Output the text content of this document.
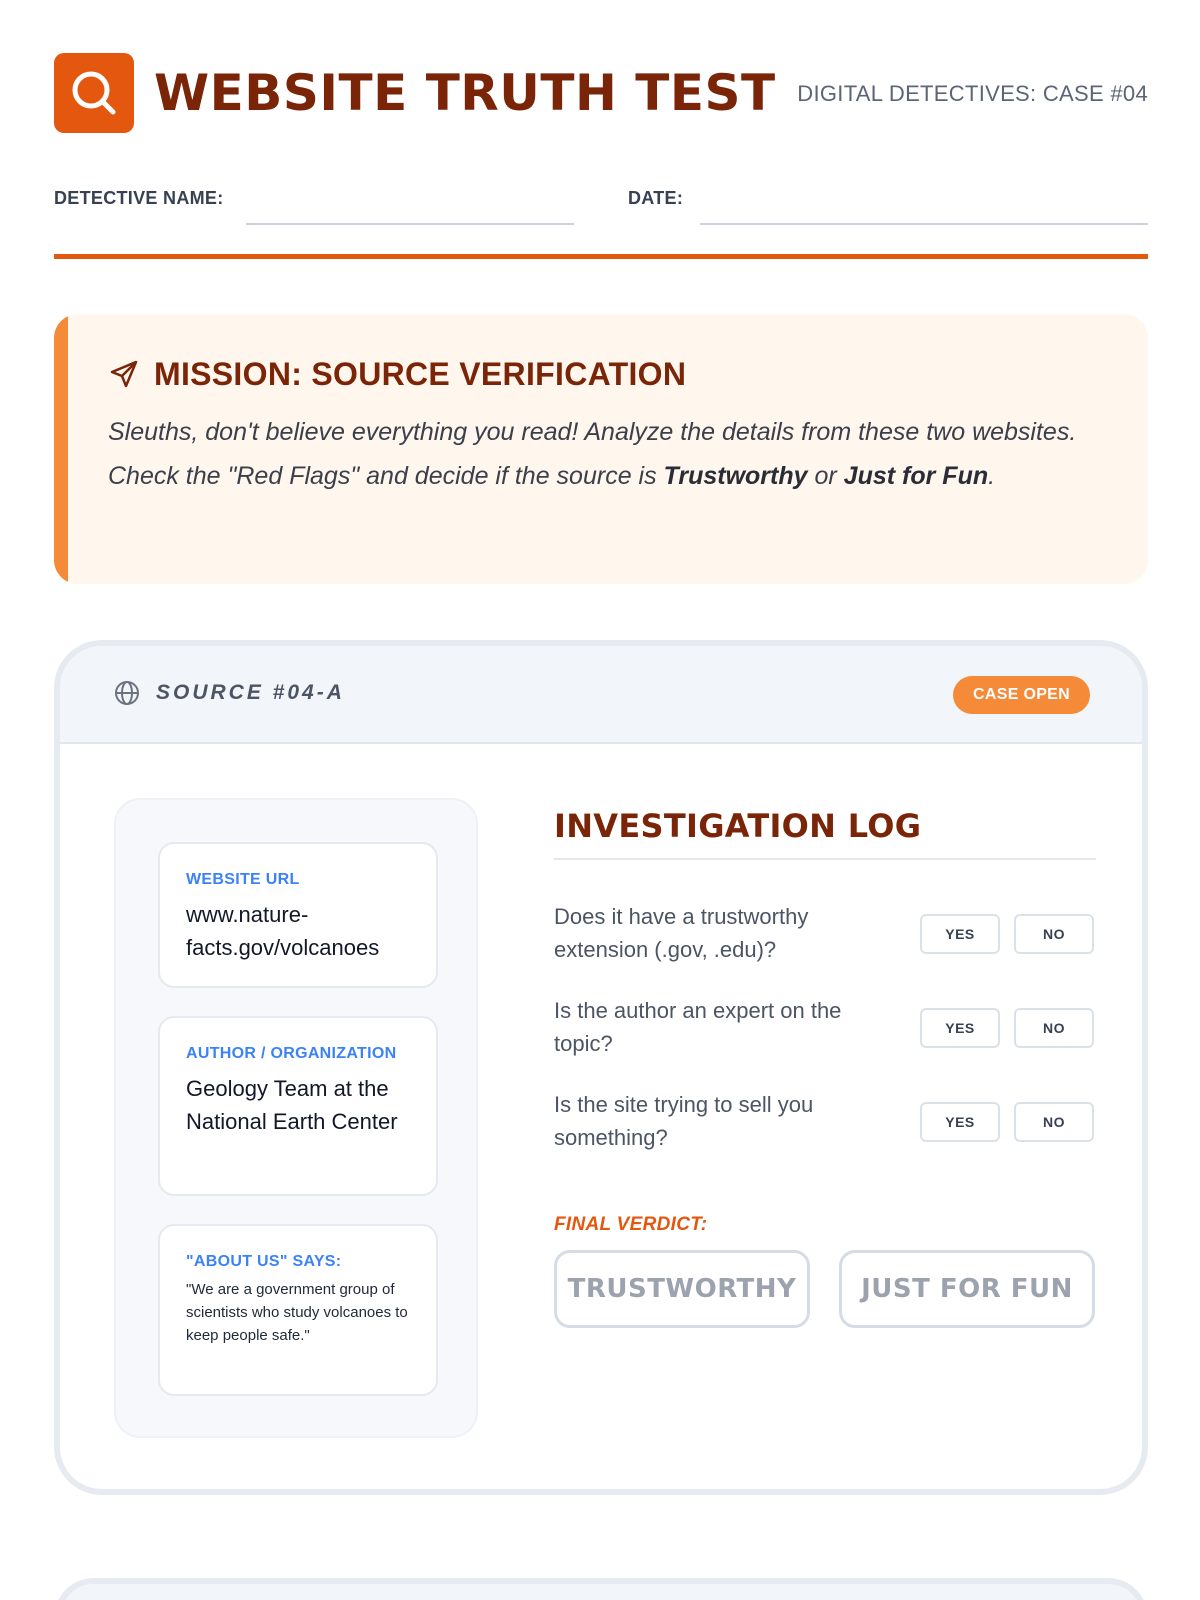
WEBSITE TRUTH TEST DIGITAL DETECTIVES: CASE #04
DETECTIVE NAME:	DATE:
MISSION: SOURCE VERIFICATION
Sleuths, don't believe everything you read! Analyze the details from these two websites. Check the "Red Flags" and decide if the source is Trustworthy or Just for Fun.
SOURCE #04-A	CASE OPEN
WEBSITE URL
www.nature-facts.gov/volcanoes
AUTHOR / ORGANIZATION
Geology Team at the National Earth Center
"ABOUT US" SAYS:
"We are a government group of scientists who study volcanoes to keep people safe."
INVESTIGATION LOG
Does it have a trustworthy extension (.gov, .edu)?
YES	NO
Is the author an expert on the topic?
YES	NO
Is the site trying to sell you something?
YES	NO
FINAL VERDICT:
TRUSTWORTHY	JUST FOR FUN
